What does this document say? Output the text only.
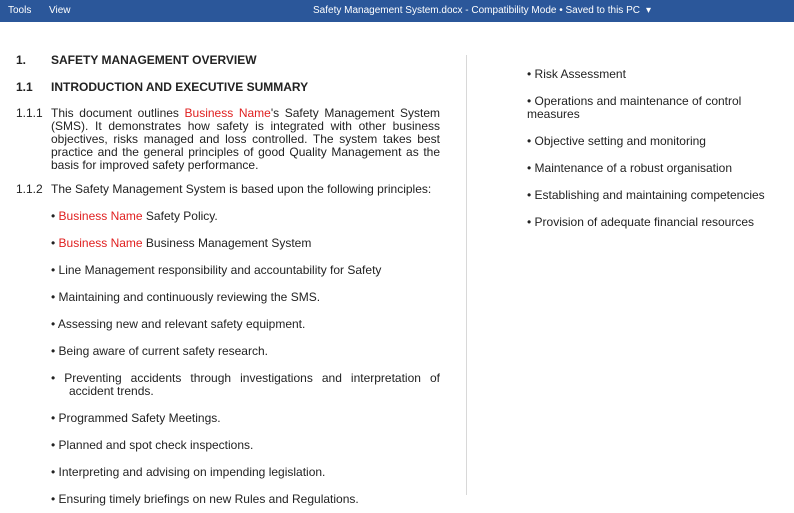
Tools View	Safety Management System.docx - Compatibility Mode • Saved to this PC ▾
1.	SAFETY MANAGEMENT OVERVIEW
1.1	INTRODUCTION AND EXECUTIVE SUMMARY
1.1.1 This document outlines Business Name's Safety Management System (SMS). It demonstrates how safety is integrated with other business objectives, risks managed and loss controlled. The system takes best practice and the general principles of good Quality Management as the basis for improved safety performance.
1.1.2 The Safety Management System is based upon the following principles:
• Business Name Safety Policy.
• Business Name Business Management System
• Line Management responsibility and accountability for Safety
• Maintaining and continuously reviewing the SMS.
• Assessing new and relevant safety equipment.
• Being aware of current safety research.
• Preventing accidents through investigations and interpretation of accident trends.
• Programmed Safety Meetings.
• Planned and spot check inspections.
• Interpreting and advising on impending legislation.
• Ensuring timely briefings on new Rules and Regulations.
• Risk Assessment
• Operations and maintenance of control measures
• Objective setting and monitoring
• Maintenance of a robust organisation
• Establishing and maintaining competencies
• Provision of adequate financial resources
